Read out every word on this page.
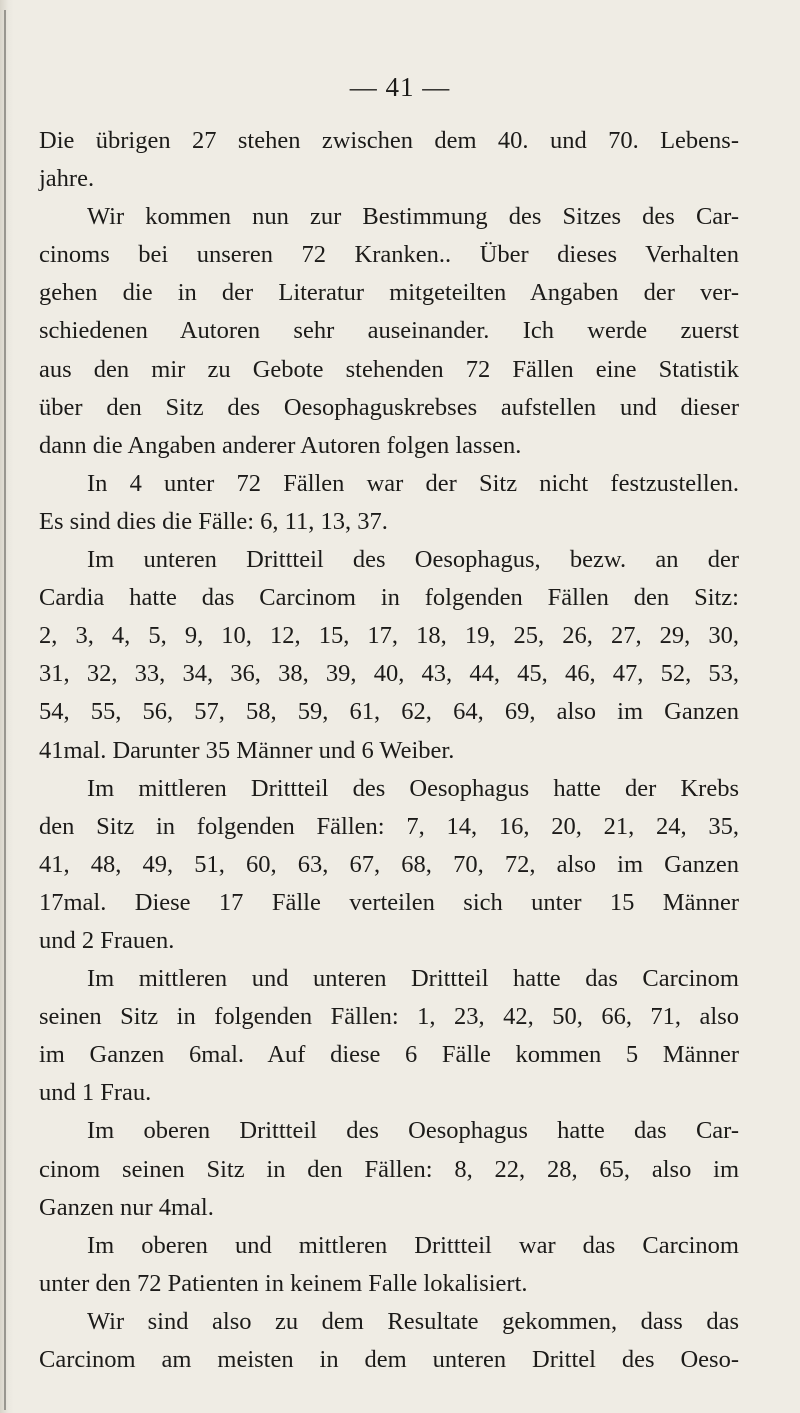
— 41 —
Die übrigen 27 stehen zwischen dem 40. und 70. Lebens-
jahre.
Wir kommen nun zur Bestimmung des Sitzes des Car-
cinoms bei unseren 72 Kranken.. Über dieses Verhalten
gehen die in der Literatur mitgeteilten Angaben der ver-
schiedenen Autoren sehr auseinander. Ich werde zuerst
aus den mir zu Gebote stehenden 72 Fällen eine Statistik
über den Sitz des Oesophaguskrebses aufstellen und dieser
dann die Angaben anderer Autoren folgen lassen.
In 4 unter 72 Fällen war der Sitz nicht festzustellen.
Es sind dies die Fälle: 6, 11, 13, 37.
Im unteren Drittteil des Oesophagus, bezw. an der
Cardia hatte das Carcinom in folgenden Fällen den Sitz:
2, 3, 4, 5, 9, 10, 12, 15, 17, 18, 19, 25, 26, 27, 29, 30,
31, 32, 33, 34, 36, 38, 39, 40, 43, 44, 45, 46, 47, 52, 53,
54, 55, 56, 57, 58, 59, 61, 62, 64, 69, also im Ganzen
41mal. Darunter 35 Männer und 6 Weiber.
Im mittleren Drittteil des Oesophagus hatte der Krebs
den Sitz in folgenden Fällen: 7, 14, 16, 20, 21, 24, 35,
41, 48, 49, 51, 60, 63, 67, 68, 70, 72, also im Ganzen
17mal. Diese 17 Fälle verteilen sich unter 15 Männer
und 2 Frauen.
Im mittleren und unteren Drittteil hatte das Carcinom
seinen Sitz in folgenden Fällen: 1, 23, 42, 50, 66, 71, also
im Ganzen 6mal. Auf diese 6 Fälle kommen 5 Männer
und 1 Frau.
Im oberen Drittteil des Oesophagus hatte das Car-
cinom seinen Sitz in den Fällen: 8, 22, 28, 65, also im
Ganzen nur 4mal.
Im oberen und mittleren Drittteil war das Carcinom
unter den 72 Patienten in keinem Falle lokalisiert.
Wir sind also zu dem Resultate gekommen, dass das
Carcinom am meisten in dem unteren Drittel des Oeso-
